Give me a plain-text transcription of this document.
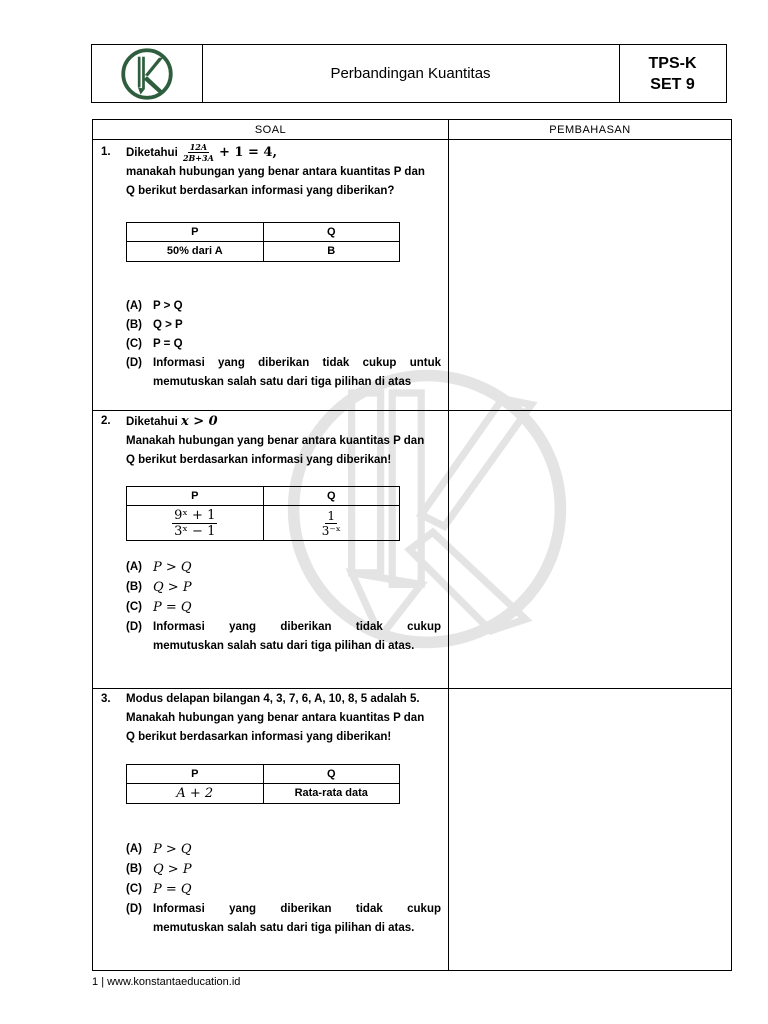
Perbandingan Kuantitas
TPS-K
SET 9
SOAL	PEMBAHASAN
1. Diketahui $\frac{12A}{2B+3A} + 1 = 4$,
manakah hubungan yang benar antara kuantitas P dan
Q berikut berdasarkan informasi yang diberikan?
P	Q
50% dari A	B
(A) P > Q
(B) Q > P
(C) P = Q
(D) Informasi yang diberikan tidak cukup untuk
memutuskan salah satu dari tiga pilihan di atas
2. Diketahui x > 0
Manakah hubungan yang benar antara kuantitas P dan
Q berikut berdasarkan informasi yang diberikan!
P	Q
$\frac{\text{9ˣ + 1}}{\text{3ˣ − 1}}$	$\frac{1}{\text{3⁻ˣ}}$
(A) P > Q
(B) Q > P
(C) P = Q
(D) Informasi yang diberikan tidak cukup
memutuskan salah satu dari tiga pilihan di atas.
3. Modus delapan bilangan 4, 3, 7, 6, A, 10, 8, 5 adalah 5.
Manakah hubungan yang benar antara kuantitas P dan
Q berikut berdasarkan informasi yang diberikan!
P	Q
A + 2	Rata-rata data
(A) P > Q
(B) Q > P
(C) P = Q
(D) Informasi yang diberikan tidak cukup
memutuskan salah satu dari tiga pilihan di atas.
1 | www.konstantaeducation.id
